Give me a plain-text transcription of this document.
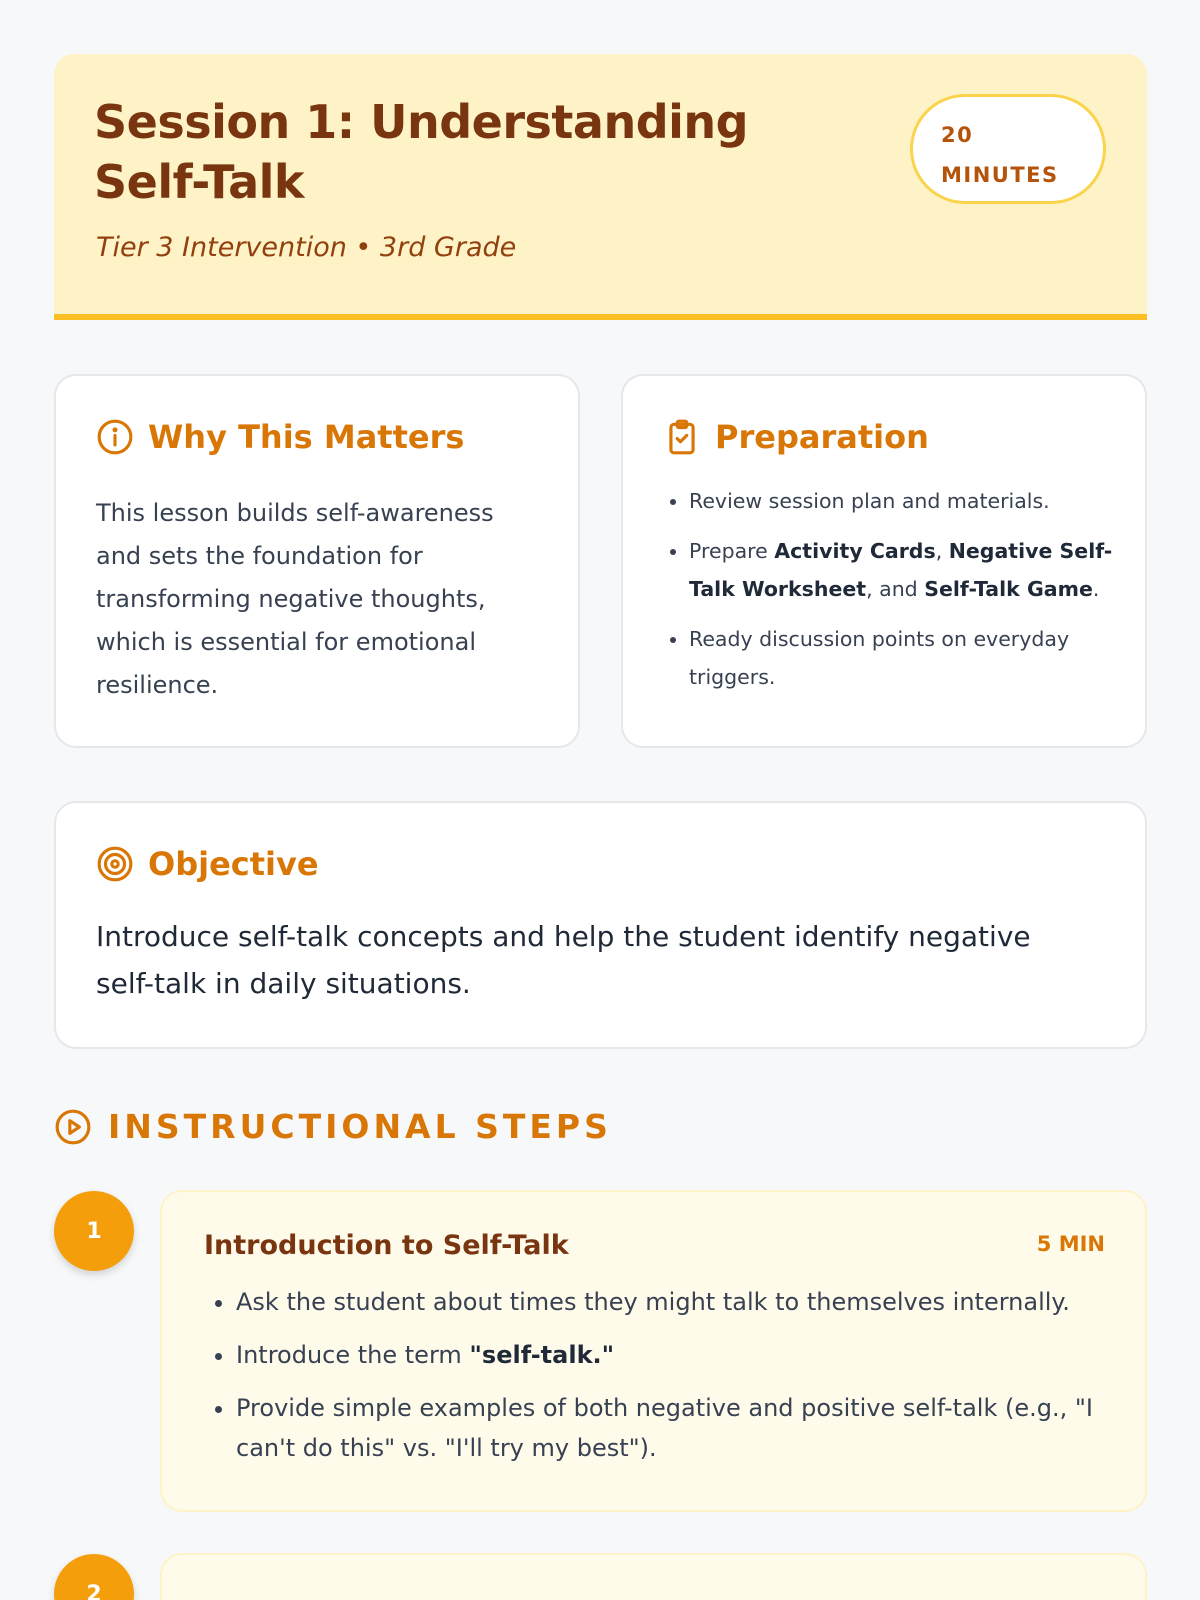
Session 1: Understanding Self-Talk
Tier 3 Intervention • 3rd Grade
20
MINUTES
Why This Matters

This lesson builds self-awareness and sets the foundation for transforming negative thoughts, which is essential for emotional resilience.

Preparation
• Review session plan and materials.
• Prepare Activity Cards, Negative Self-Talk Worksheet, and Self-Talk Game.
• Ready discussion points on everyday triggers.
Objective

Introduce self-talk concepts and help the student identify negative self-talk in daily situations.

INSTRUCTIONAL STEPS
1	Introduction to Self-Talk	5 MIN
• Ask the student about times they might talk to themselves internally.
• Introduce the term "self-talk."
• Provide simple examples of both negative and positive self-talk (e.g., "I can't do this" vs. "I'll try my best").
2
